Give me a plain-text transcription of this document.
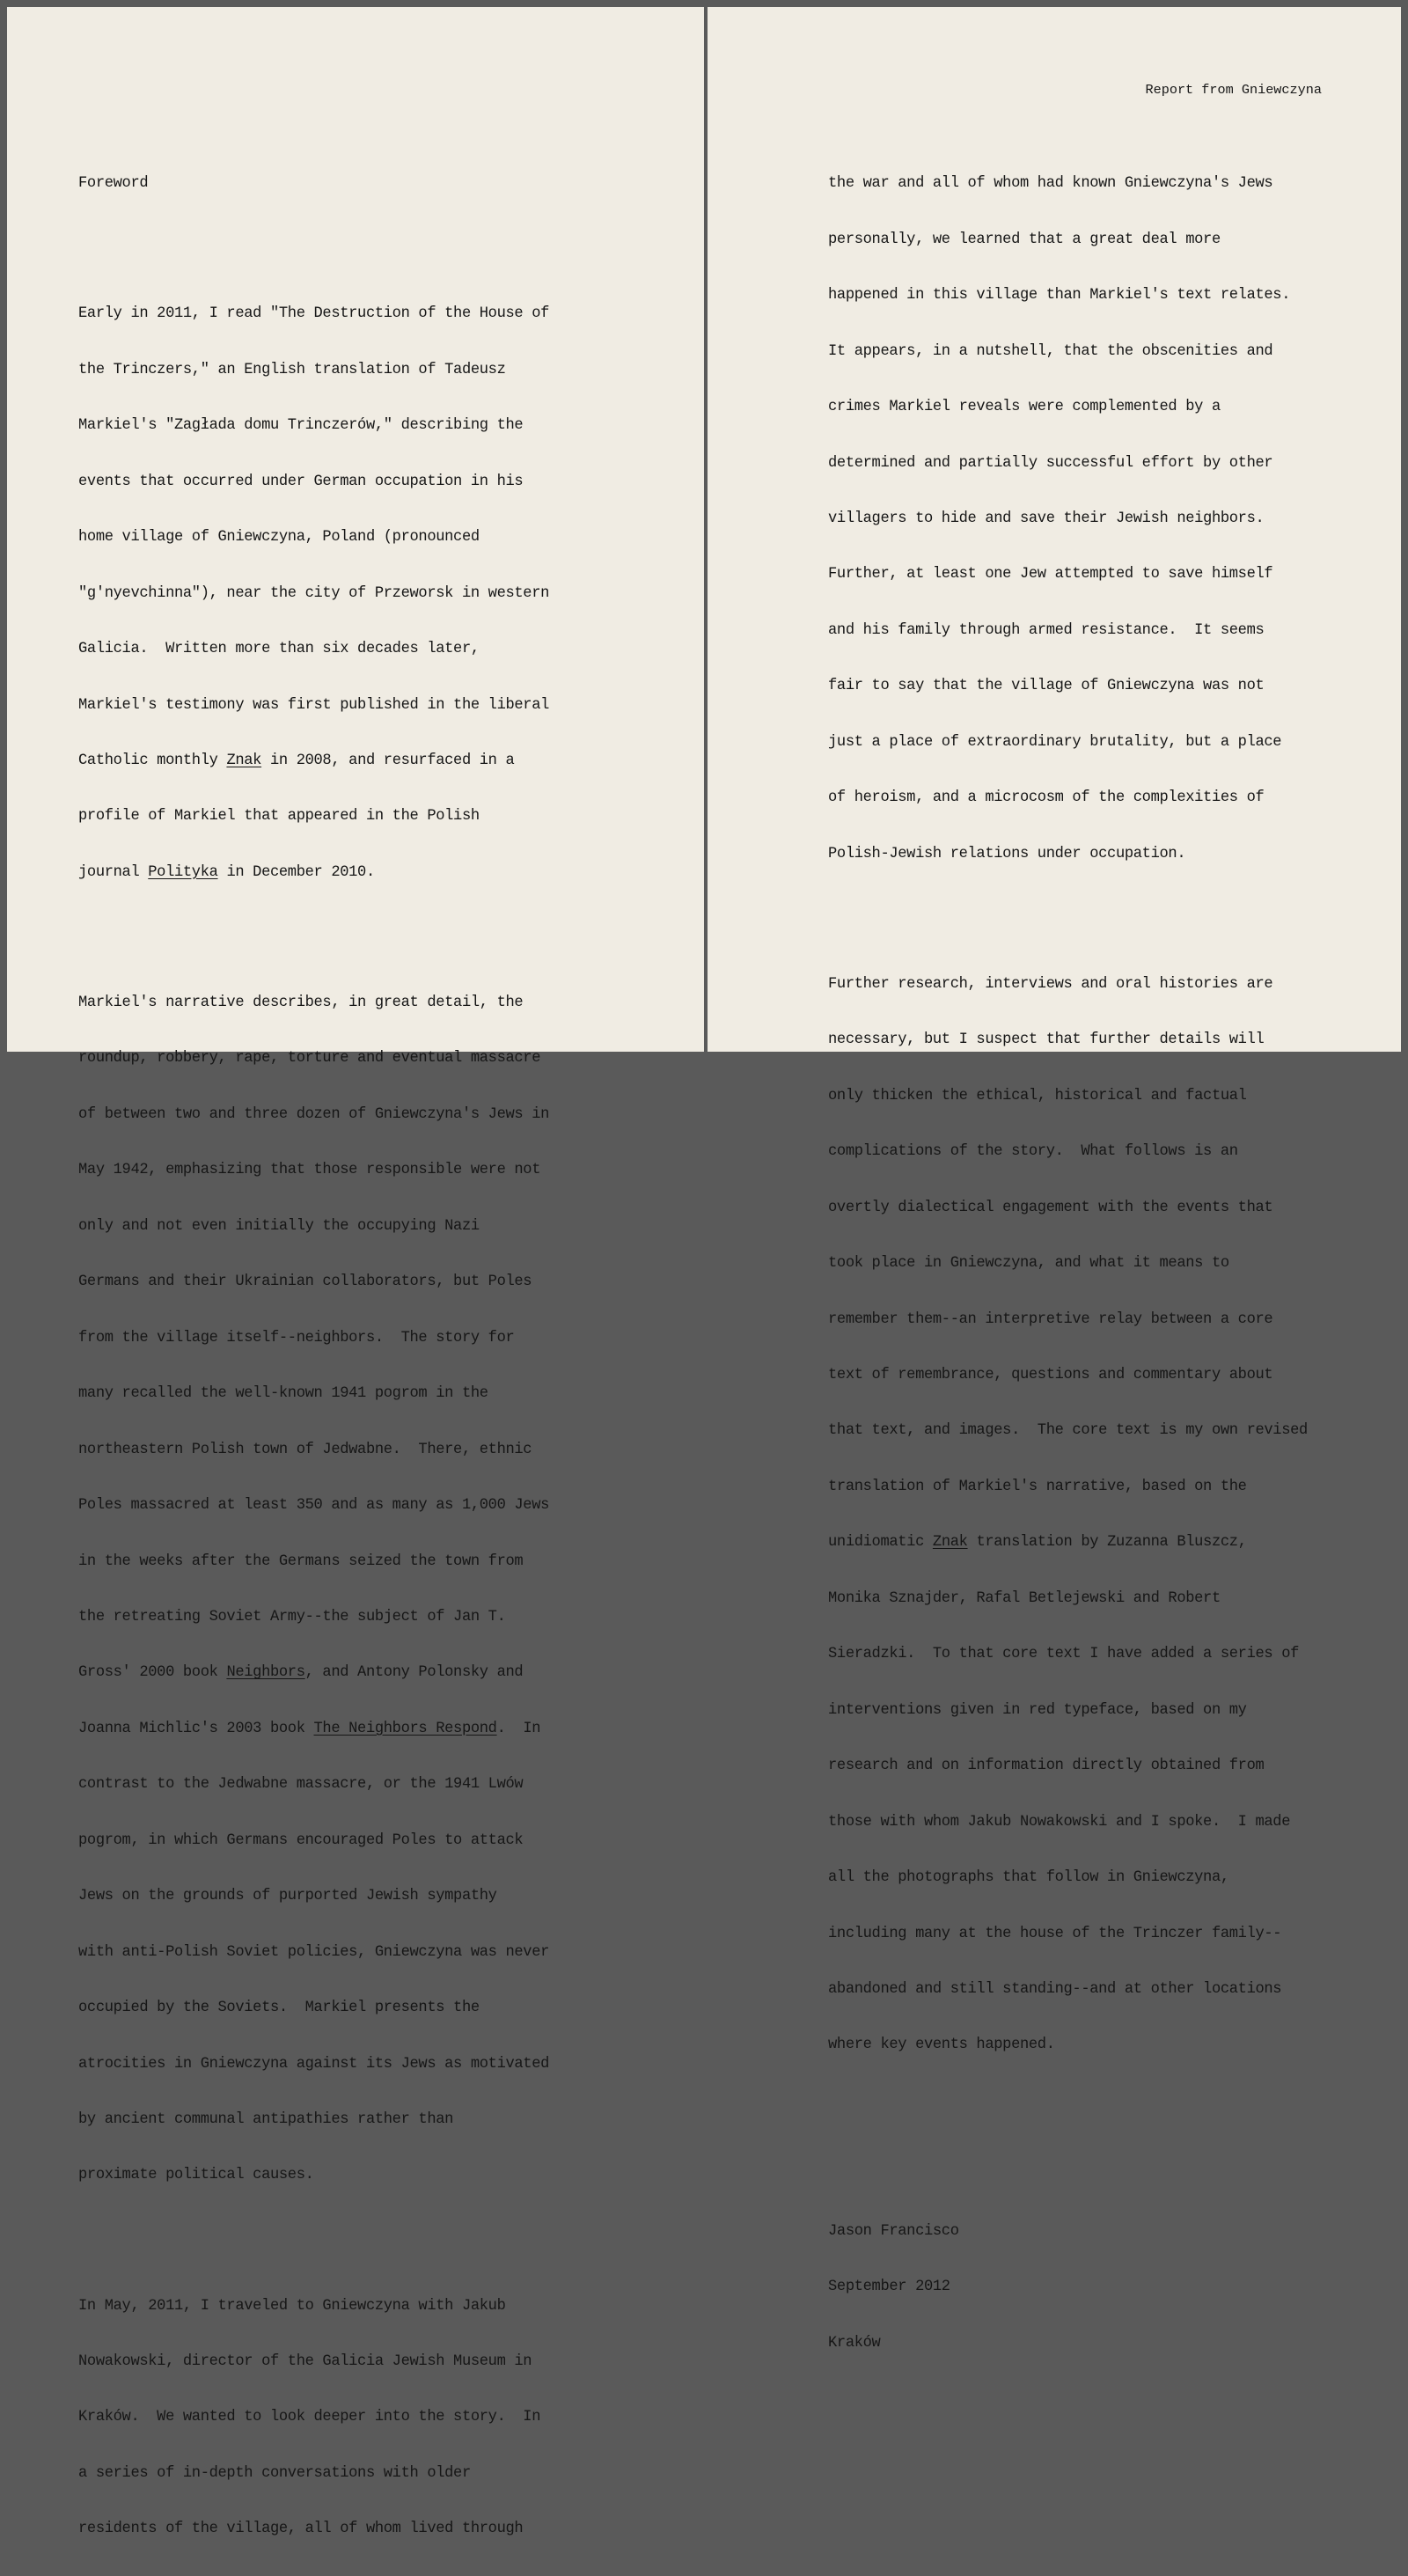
Foreword

Early in 2011, I read "The Destruction of the House of

the Trinczers," an English translation of Tadeusz

Markiel's "Zagłada domu Trinczerów," describing the

events that occurred under German occupation in his

home village of Gniewczyna, Poland (pronounced

"g'nyevchinna"), near the city of Przeworsk in western

Galicia.  Written more than six decades later,

Markiel's testimony was first published in the liberal

Catholic monthly Znak in 2008, and resurfaced in a

profile of Markiel that appeared in the Polish

journal Polityka in December 2010.

Markiel's narrative describes, in great detail, the

roundup, robbery, rape, torture and eventual massacre

of between two and three dozen of Gniewczyna's Jews in

May 1942, emphasizing that those responsible were not

only and not even initially the occupying Nazi

Germans and their Ukrainian collaborators, but Poles

from the village itself--neighbors.  The story for

many recalled the well-known 1941 pogrom in the

northeastern Polish town of Jedwabne.  There, ethnic

Poles massacred at least 350 and as many as 1,000 Jews

in the weeks after the Germans seized the town from

the retreating Soviet Army--the subject of Jan T.

Gross' 2000 book Neighbors, and Antony Polonsky and

Joanna Michlic's 2003 book The Neighbors Respond.  In

contrast to the Jedwabne massacre, or the 1941 Lwów

pogrom, in which Germans encouraged Poles to attack

Jews on the grounds of purported Jewish sympathy

with anti-Polish Soviet policies, Gniewczyna was never

occupied by the Soviets.  Markiel presents the

atrocities in Gniewczyna against its Jews as motivated

by ancient communal antipathies rather than

proximate political causes.

In May, 2011, I traveled to Gniewczyna with Jakub

Nowakowski, director of the Galicia Jewish Museum in

Kraków.  We wanted to look deeper into the story.  In

a series of in-depth conversations with older

residents of the village, all of whom lived through

Report from Gniewczyna

the war and all of whom had known Gniewczyna's Jews

personally, we learned that a great deal more

happened in this village than Markiel's text relates.

It appears, in a nutshell, that the obscenities and

crimes Markiel reveals were complemented by a

determined and partially successful effort by other

villagers to hide and save their Jewish neighbors.

Further, at least one Jew attempted to save himself

and his family through armed resistance.  It seems

fair to say that the village of Gniewczyna was not

just a place of extraordinary brutality, but a place

of heroism, and a microcosm of the complexities of

Polish-Jewish relations under occupation.

Further research, interviews and oral histories are

necessary, but I suspect that further details will

only thicken the ethical, historical and factual

complications of the story.  What follows is an

overtly dialectical engagement with the events that

took place in Gniewczyna, and what it means to

remember them--an interpretive relay between a core

text of remembrance, questions and commentary about

that text, and images.  The core text is my own revised

translation of Markiel's narrative, based on the

unidiomatic Znak translation by Zuzanna Bluszcz,

Monika Sznajder, Rafal Betlejewski and Robert

Sieradzki.  To that core text I have added a series of

interventions given in red typeface, based on my

research and on information directly obtained from

those with whom Jakub Nowakowski and I spoke.  I made

all the photographs that follow in Gniewczyna,

including many at the house of the Trinczer family--

abandoned and still standing--and at other locations

where key events happened.

Jason Francisco

September 2012

Kraków
